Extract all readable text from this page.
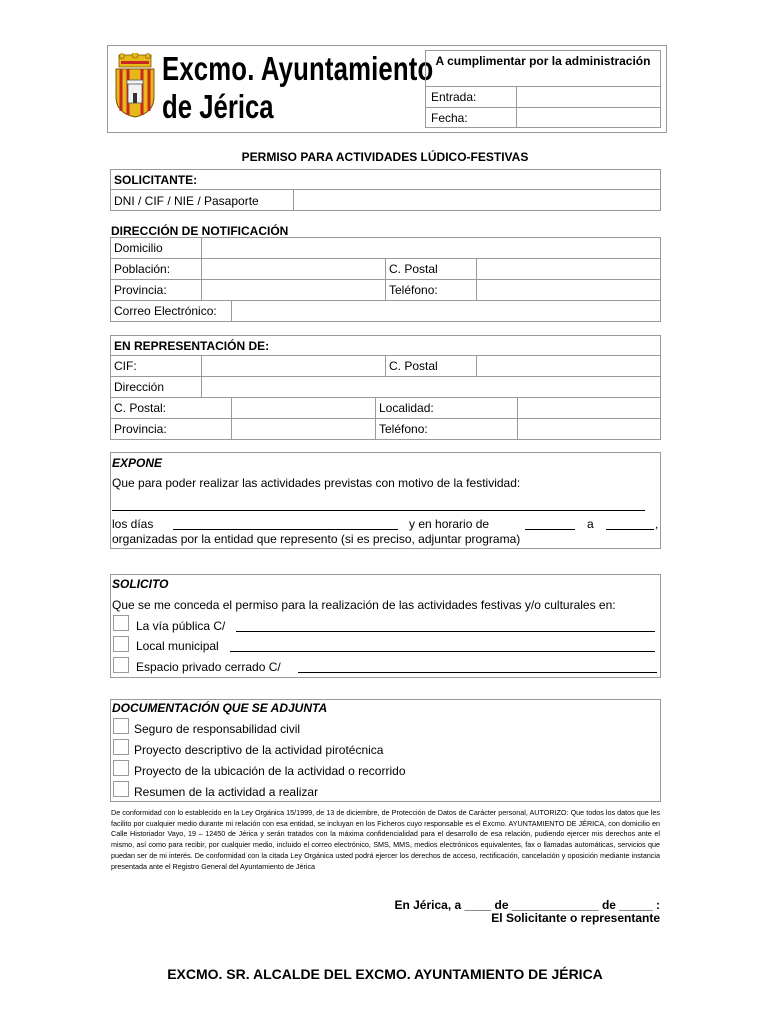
Excmo. Ayuntamiento
de Jérica
A cumplimentar por la administración
Entrada:
Fecha:
PERMISO PARA ACTIVIDADES LÚDICO-FESTIVAS
SOLICITANTE:
DNI / CIF / NIE / Pasaporte
DIRECCIÓN DE NOTIFICACIÓN
Domicilio
Población:	C. Postal
Provincia:	Teléfono:
Correo Electrónico:
EN REPRESENTACIÓN DE:
CIF:	C. Postal
Dirección
C. Postal:	Localidad:
Provincia:	Teléfono:
EXPONE
Que para poder realizar las actividades previstas con motivo de la festividad:
los días	y en horario de	a	,
organizadas por la entidad que represento (si es preciso, adjuntar programa)
SOLICITO
Que se me conceda el permiso para la realización de las actividades festivas y/o culturales en:
La vía pública C/
Local municipal
Espacio privado cerrado C/
DOCUMENTACIÓN QUE SE ADJUNTA
Seguro de responsabilidad civil
Proyecto descriptivo de la actividad pirotécnica
Proyecto de la ubicación de la actividad o recorrido
Resumen de la actividad a realizar
De conformidad con lo establecido en la Ley Orgánica 15/1999, de 13 de diciembre, de Protección de Datos de Carácter personal, AUTORIZO: Que todos los datos que les facilito por cualquier medio durante mi relación con esa entidad, se incluyan en los Ficheros cuyo responsable es el Excmo. AYUNTAMIENTO DE JÉRICA, con domicilio en Calle Historiador Vayo, 19 – 12450 de Jérica y serán tratados con la máxima confidencialidad para el desarrollo de esa relación, pudiendo ejercer mis derechos ante el mismo, así como para recibir, por cualquier medio, incluido el correo electrónico, SMS, MMS, medios electrónicos equivalentes, fax o llamadas automáticas, servicios que puedan ser de mi interés. De conformidad con la citada Ley Orgánica usted podrá ejercer los derechos de acceso, rectificación, cancelación y oposición mediante instancia presentada ante el Registro General del Ayuntamiento de Jérica
En Jérica, a ____ de _____________ de _____ :
El Solicitante o representante
EXCMO. SR. ALCALDE DEL EXCMO. AYUNTAMIENTO DE JÉRICA
